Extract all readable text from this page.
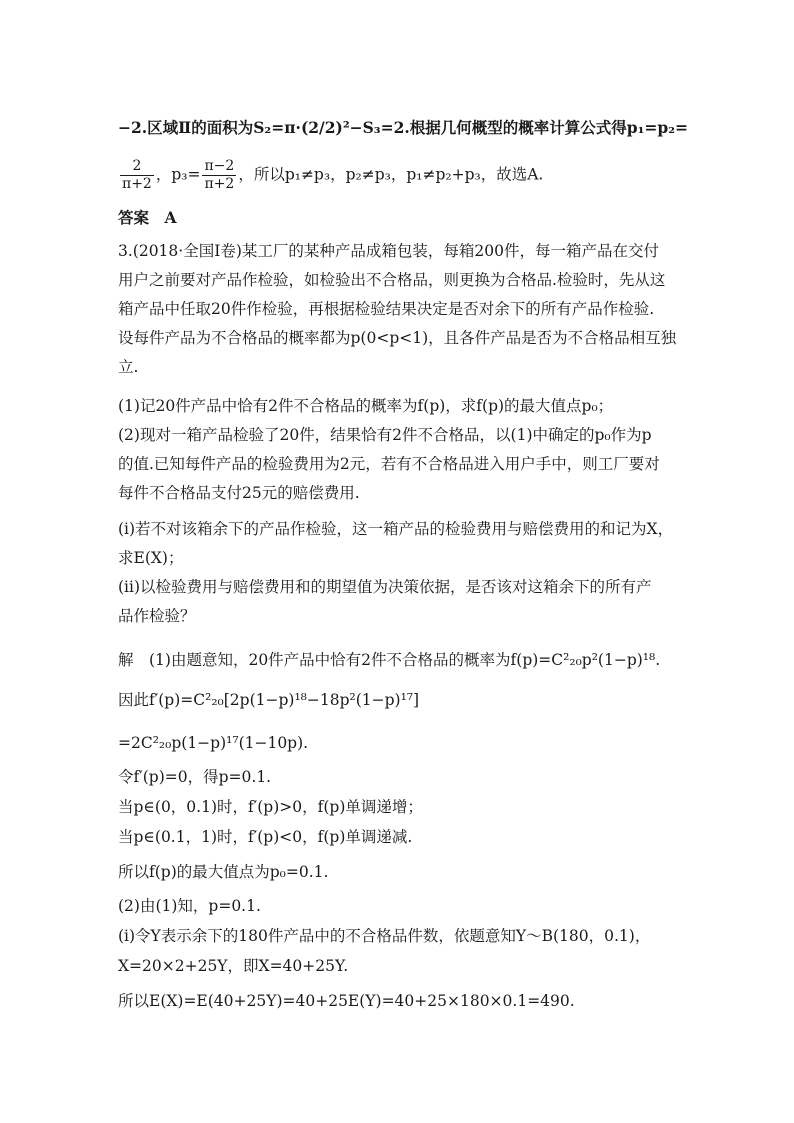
−2.区域Ⅱ的面积为S₂=π·(2/2)²−S₃=2.根据几何概型的概率计算公式得p₁=p₂=
$\frac{2}{\pi+2}$ ，$p_3= \frac{\pi-2}{\pi+2}$ ，所以p₁≠p₃，p₂≠p₃，p₁≠p₂+p₃，故选A.
答案　A
3.(2018·全国Ⅰ卷)某工厂的某种产品成箱包装，每箱200件，每一箱产品在交付
用户之前要对产品作检验，如检验出不合格品，则更换为合格品.检验时，先从这
箱产品中任取20件作检验，再根据检验结果决定是否对余下的所有产品作检验.
设每件产品为不合格品的概率都为p(0<p<1)，且各件产品是否为不合格品相互独
立.
(1)记20件产品中恰有2件不合格品的概率为f(p)，求f(p)的最大值点p₀；
(2)现对一箱产品检验了20件，结果恰有2件不合格品，以(1)中确定的p₀作为p
的值.已知每件产品的检验费用为2元，若有不合格品进入用户手中，则工厂要对
每件不合格品支付25元的赔偿费用.
(ⅰ)若不对该箱余下的产品作检验，这一箱产品的检验费用与赔偿费用的和记为X，
求E(X)；
(ⅱ)以检验费用与赔偿费用和的期望值为决策依据，是否该对这箱余下的所有产
品作检验？
解　(1)由题意知，20件产品中恰有2件不合格品的概率为f(p)=C²₂₀p²(1−p)¹⁸.
因此f′(p)=C²₂₀[2p(1−p)¹⁸−18p²(1−p)¹⁷]
=2C²₂₀p(1−p)¹⁷(1−10p).
令f′(p)=0，得p=0.1.
当p∈(0，0.1)时，f′(p)>0，f(p)单调递增；
当p∈(0.1，1)时，f′(p)<0，f(p)单调递减.
所以f(p)的最大值点为p₀=0.1.
(2)由(1)知，p=0.1.
(ⅰ)令Y表示余下的180件产品中的不合格品件数，依题意知Y～B(180，0.1)，
X=20×2+25Y，即X=40+25Y.
所以E(X)=E(40+25Y)=40+25E(Y)=40+25×180×0.1=490.
